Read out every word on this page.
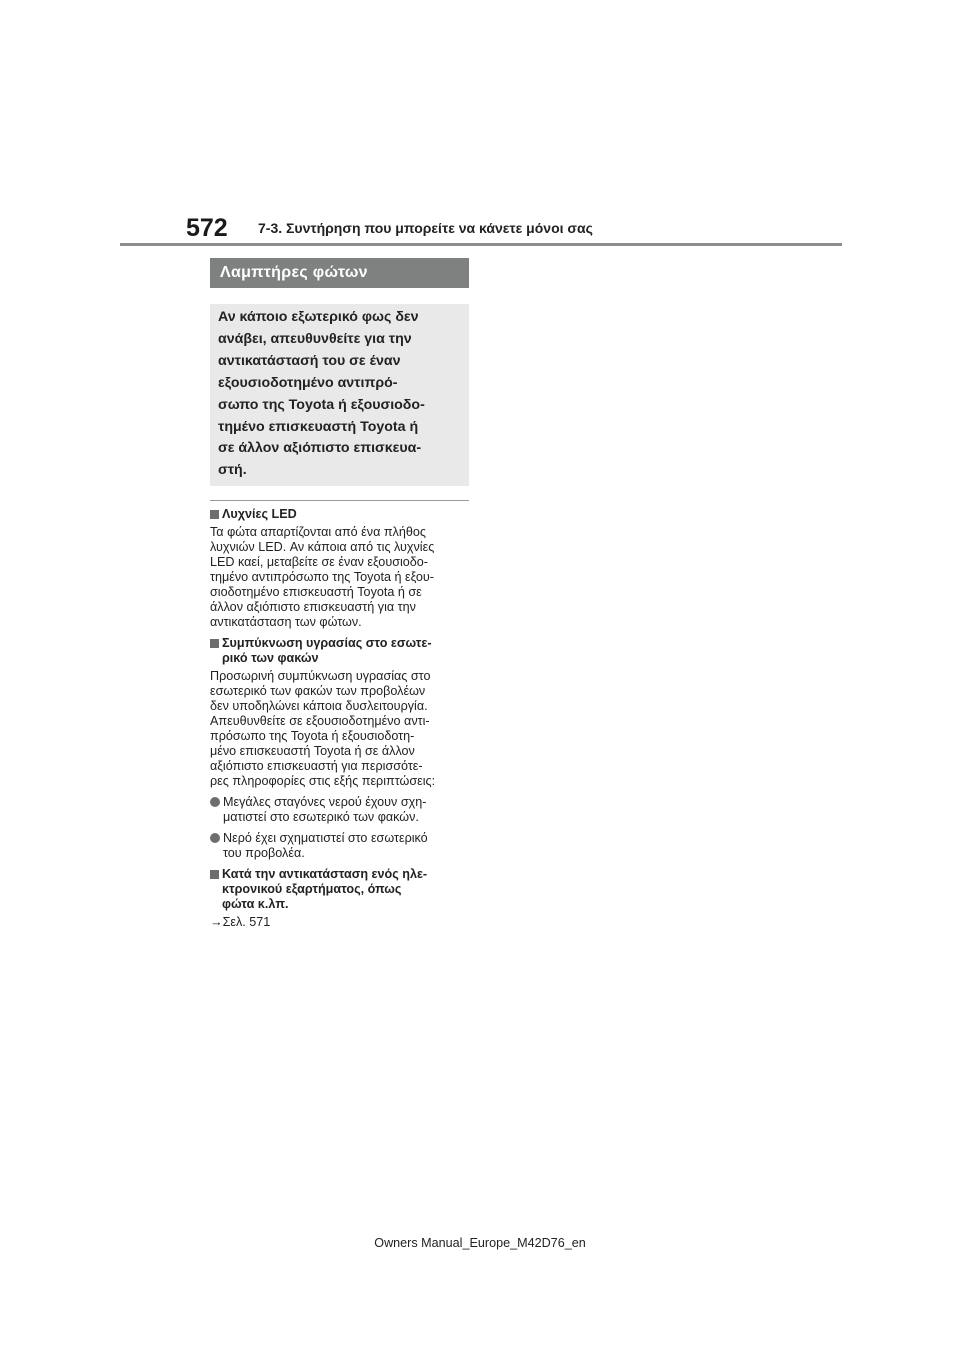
572 7-3. Συντήρηση που μπορείτε να κάνετε μόνοι σας
Λαμπτήρες φώτων
Αν κάποιο εξωτερικό φως δεν
ανάβει, απευθυνθείτε για την
αντικατάστασή του σε έναν
εξουσιοδοτημένο αντιπρό-
σωπο της Toyota ή εξουσιοδο-
τημένο επισκευαστή Toyota ή
σε άλλον αξιόπιστο επισκευα-
στή.
Λυχνίες LED
Τα φώτα απαρτίζονται από ένα πλήθος
λυχνιών LED. Αν κάποια από τις λυχνίες
LED καεί, μεταβείτε σε έναν εξουσιοδο-
τημένο αντιπρόσωπο της Toyota ή εξου-
σιοδοτημένο επισκευαστή Toyota ή σε
άλλον αξιόπιστο επισκευαστή για την
αντικατάσταση των φώτων.
Συμπύκνωση υγρασίας στο εσωτε-
ρικό των φακών
Προσωρινή συμπύκνωση υγρασίας στο
εσωτερικό των φακών των προβολέων
δεν υποδηλώνει κάποια δυσλειτουργία.
Απευθυνθείτε σε εξουσιοδοτημένο αντι-
πρόσωπο της Toyota ή εξουσιοδοτη-
μένο επισκευαστή Toyota ή σε άλλον
αξιόπιστο επισκευαστή για περισσότε-
ρες πληροφορίες στις εξής περιπτώσεις:
Μεγάλες σταγόνες νερού έχουν σχη-
ματιστεί στο εσωτερικό των φακών.
Νερό έχει σχηματιστεί στο εσωτερικό
του προβολέα.
Κατά την αντικατάσταση ενός ηλε-
κτρονικού εξαρτήματος, όπως
φώτα κ.λπ.
→Σελ. 571
Owners Manual_Europe_M42D76_en
